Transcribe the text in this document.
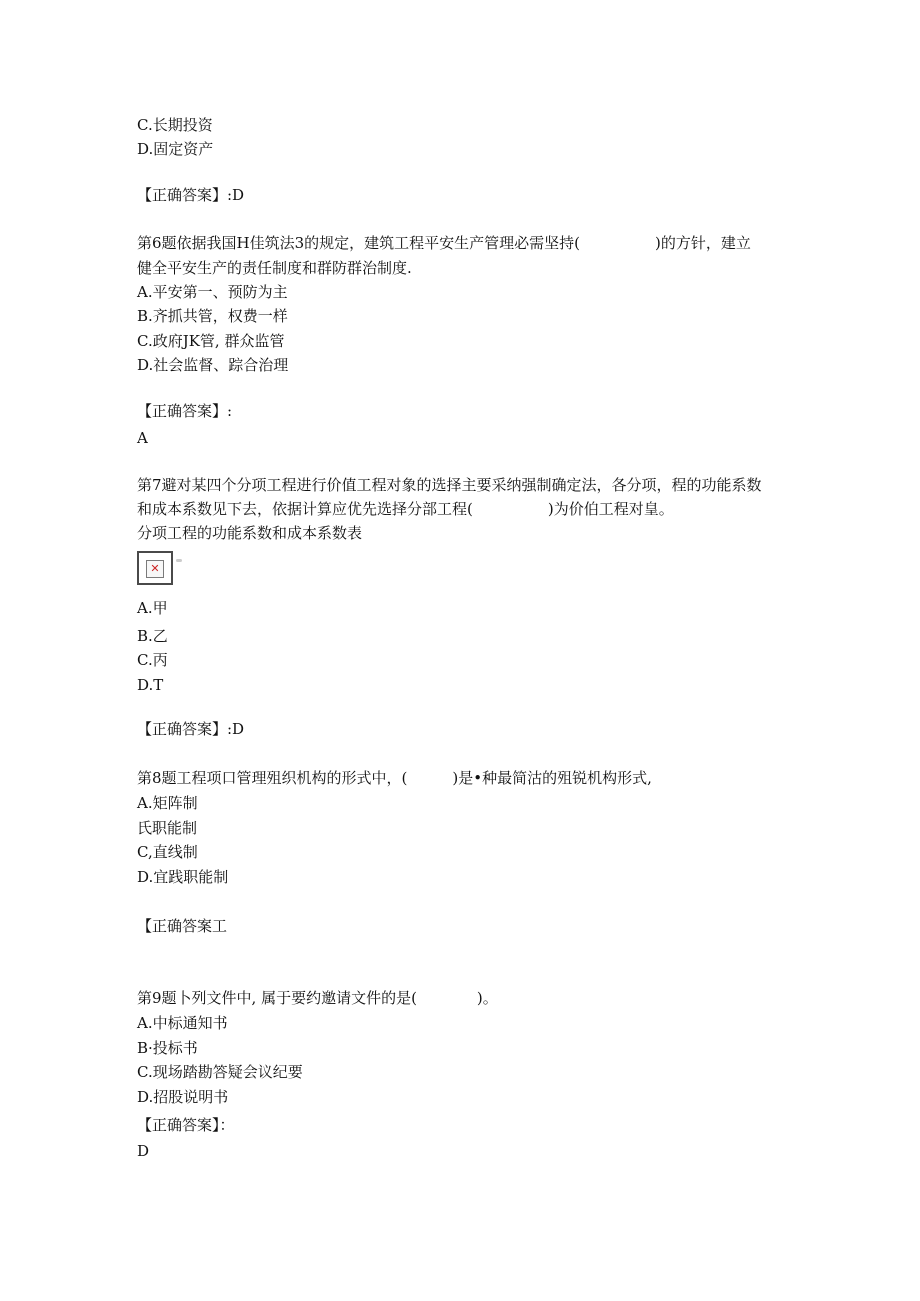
C.长期投资
D.固定资产
【正确答案】:D
第6题依据我国H佳筑法3的规定，建筑工程平安生产管理必需坚持(　　　　　)的方针，建立
健全平安生产的责任制度和群防群治制度.
A.平安第一、预防为主
B.齐抓共管，权费一样
C.政府JK管, 群众监管
D.社会监督、踪合治理
【正确答案】:
A
第7避对某四个分项工程进行价值工程对象的选择主要采纳强制确定法，各分项，程的功能系数
和成本系数见下去，依据计算应优先选择分部工程(　　　　　)为价伯工程对皇。
分项工程的功能系数和成本系数表
✕
A.甲
B.乙
C.丙
D.T
【正确答案】:D
第8题工程项口管理殂织机构的形式中，(　　　)是•种最简沽的殂锐机构形式,
A.矩阵制
氏职能制
C,直线制
D.宜践职能制
【正确答案工
第9题卜列文件中, 属于要约邀请文件的是(　　　　)。
A.中标通知书
B·投标书
C.现场踏勘答疑会议纪要
D.招股说明书
【正确答案】：
D
